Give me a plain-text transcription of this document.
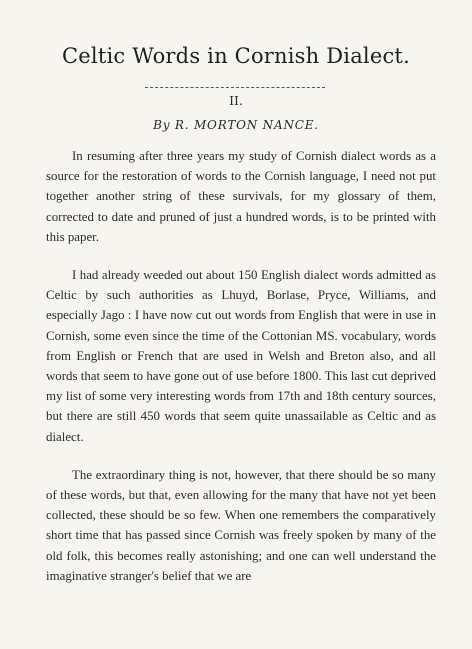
Celtic Words in Cornish Dialect.
II.
By R. MORTON NANCE.

In resuming after three years my study of Cornish dialect words as a source for the restoration of words to the Cornish language, I need not put together another string of these survivals, for my glossary of them, corrected to date and pruned of just a hundred words, is to be printed with this paper.

I had already weeded out about 150 English dialect words admitted as Celtic by such authorities as Lhuyd, Borlase, Pryce, Williams, and especially Jago : I have now cut out words from English that were in use in Cornish, some even since the time of the Cottonian MS. vocabulary, words from English or French that are used in Welsh and Breton also, and all words that seem to have gone out of use before 1800. This last cut deprived my list of some very interesting words from 17th and 18th century sources, but there are still 450 words that seem quite unassailable as Celtic and as dialect.

The extraordinary thing is not, however, that there should be so many of these words, but that, even allowing for the many that have not yet been collected, these should be so few. When one remembers the comparatively short time that has passed since Cornish was freely spoken by many of the old folk, this becomes really astonishing; and one can well understand the imaginative stranger's belief that we are
